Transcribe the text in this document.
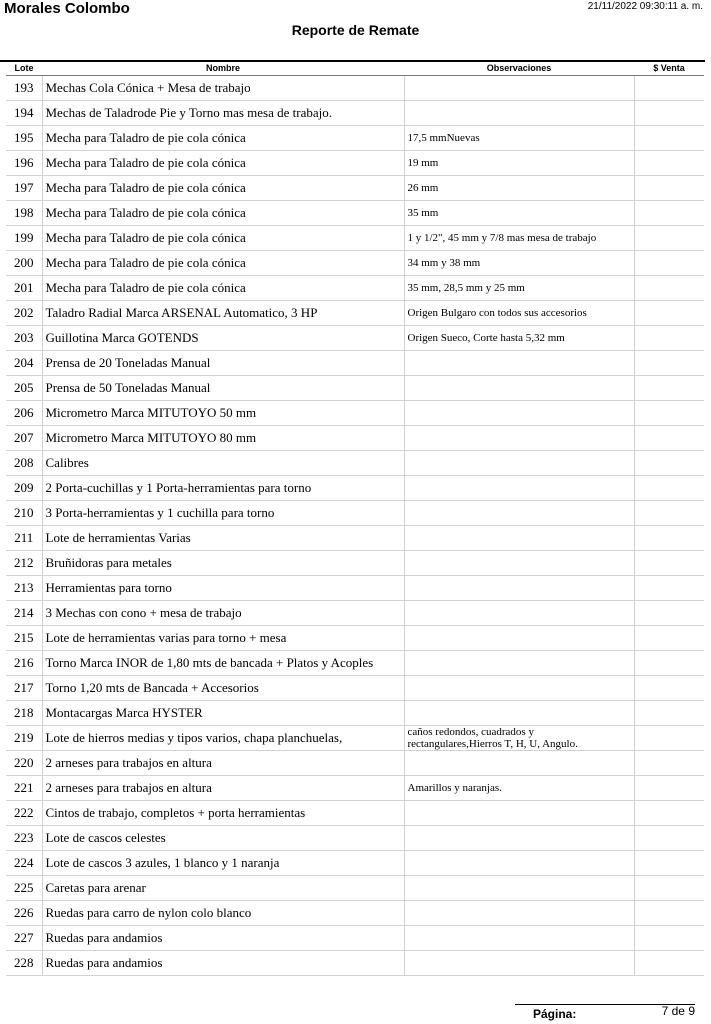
Morales Colombo	21/11/2022 09:30:11 a. m.
Reporte de Remate
Lote	Nombre	Observaciones	$ Venta
193	Mechas Cola Cónica + Mesa de trabajo		
194	Mechas de Taladrode Pie y Torno mas mesa de trabajo.		
195	Mecha para Taladro de pie cola cónica	17,5 mmNuevas	
196	Mecha para Taladro de pie cola cónica	19 mm	
197	Mecha para Taladro de pie cola cónica	26 mm	
198	Mecha para Taladro de pie cola cónica	35 mm	
199	Mecha para Taladro de pie cola cónica	1 y 1/2", 45 mm y 7/8 mas mesa de trabajo	
200	Mecha para Taladro de pie cola cónica	34 mm y 38 mm	
201	Mecha para Taladro de pie cola cónica	35 mm, 28,5 mm y 25 mm	
202	Taladro Radial Marca ARSENAL Automatico, 3 HP	Origen Bulgaro con todos sus accesorios	
203	Guillotina Marca GOTENDS	Origen Sueco, Corte hasta 5,32 mm	
204	Prensa de 20 Toneladas Manual		
205	Prensa de 50 Toneladas Manual		
206	Micrometro Marca MITUTOYO 50 mm		
207	Micrometro Marca MITUTOYO 80 mm		
208	Calibres		
209	2 Porta-cuchillas y 1 Porta-herramientas para torno		
210	3 Porta-herramientas y 1 cuchilla para torno		
211	Lote de herramientas Varias		
212	Bruñidoras para metales		
213	Herramientas para torno		
214	3 Mechas con cono + mesa de trabajo		
215	Lote de herramientas varias para torno + mesa		
216	Torno Marca INOR de 1,80 mts de bancada + Platos y Acoples		
217	Torno 1,20 mts de Bancada + Accesorios		
218	Montacargas Marca HYSTER		
219	Lote de hierros medias y tipos varios, chapa planchuelas,	caños redondos, cuadrados y rectangulares,Hierros T, H, U, Angulo.	
220	2 arneses para trabajos en altura		
221	2 arneses para trabajos en altura	Amarillos y naranjas.	
222	Cintos de trabajo, completos + porta herramientas		
223	Lote de cascos celestes		
224	Lote de cascos 3 azules, 1 blanco y 1 naranja		
225	Caretas para arenar		
226	Ruedas para carro de nylon colo blanco		
227	Ruedas para andamios		
228	Ruedas para andamios		
Página:	7 de 9
